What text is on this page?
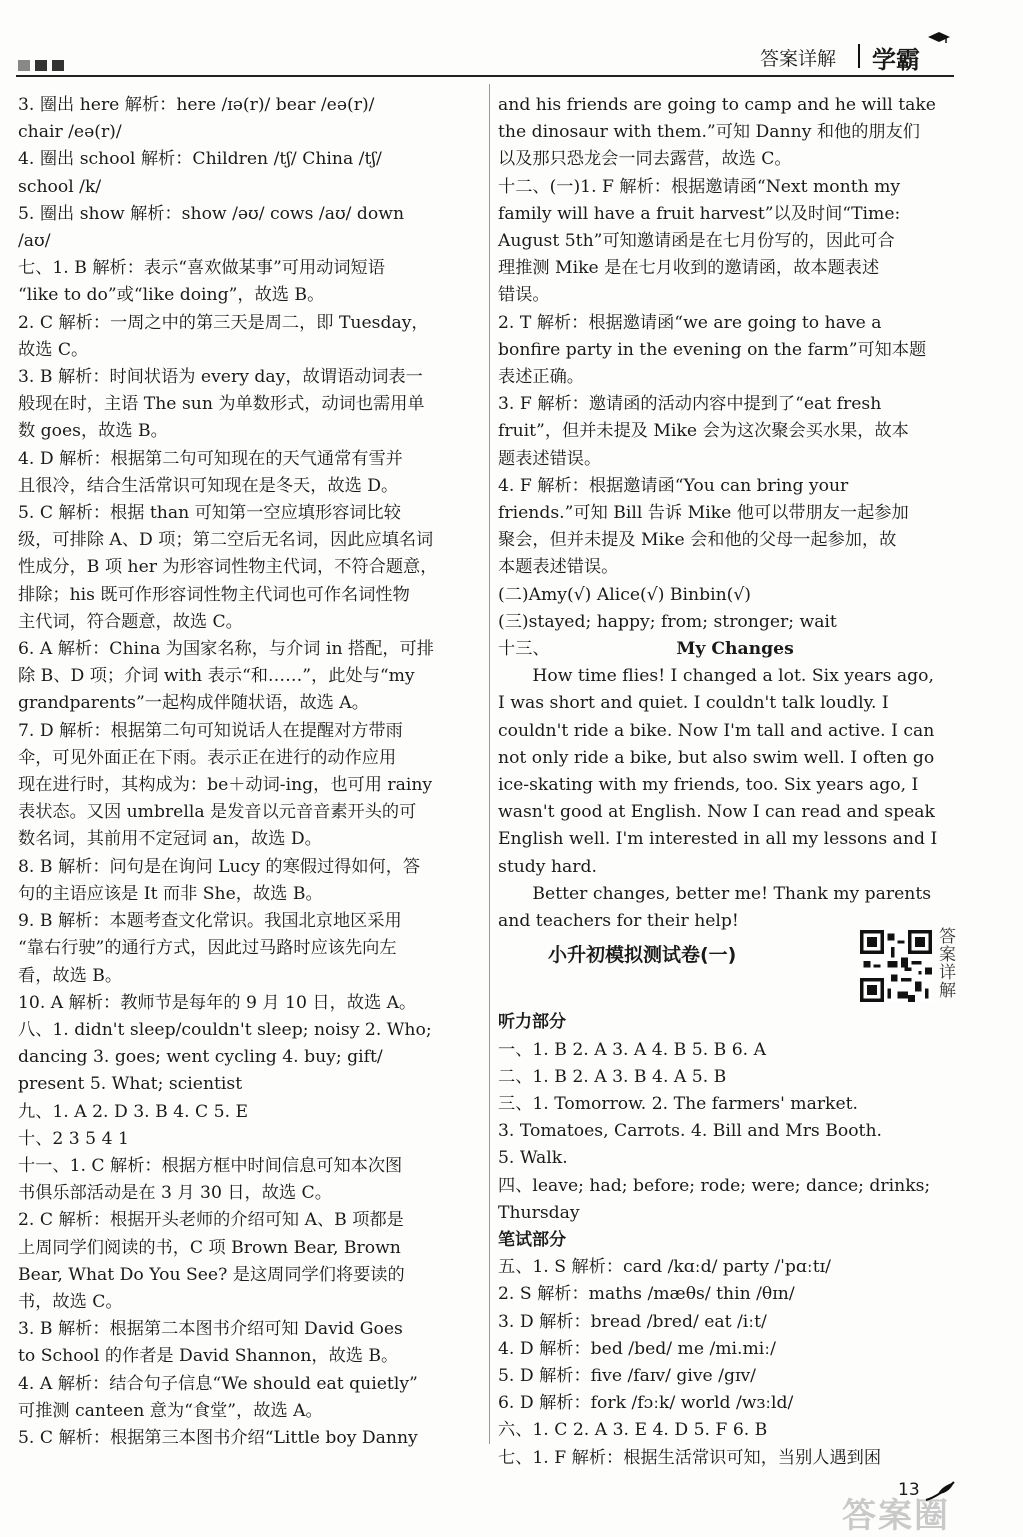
答案详解 学霸

3. 圈出 here 解析：here /ɪə(r)/ bear /eə(r)/

chair /eə(r)/

4. 圈出 school 解析：Children /tʃ/ China /tʃ/

school /k/

5. 圈出 show 解析：show /əʊ/ cows /aʊ/ down

/aʊ/

七、1. B 解析：表示“喜欢做某事”可用动词短语

“like to do”或“like doing”，故选 B。

2. C 解析：一周之中的第三天是周二，即 Tuesday，

故选 C。

3. B 解析：时间状语为 every day，故谓语动词表一

般现在时，主语 The sun 为单数形式，动词也需用单

数 goes，故选 B。

4. D 解析：根据第二句可知现在的天气通常有雪并

且很冷，结合生活常识可知现在是冬天，故选 D。

5. C 解析：根据 than 可知第一空应填形容词比较

级，可排除 A、D 项；第二空后无名词，因此应填名词

性成分，B 项 her 为形容词性物主代词，不符合题意，

排除；his 既可作形容词性物主代词也可作名词性物

主代词，符合题意，故选 C。

6. A 解析：China 为国家名称，与介词 in 搭配，可排

除 B、D 项；介词 with 表示“和……”，此处与“my

grandparents”一起构成伴随状语，故选 A。

7. D 解析：根据第二句可知说话人在提醒对方带雨

伞，可见外面正在下雨。表示正在进行的动作应用

现在进行时，其构成为：be＋动词-ing，也可用 rainy

表状态。又因 umbrella 是发音以元音音素开头的可

数名词，其前用不定冠词 an，故选 D。

8. B 解析：问句是在询问 Lucy 的寒假过得如何，答

句的主语应该是 It 而非 She，故选 B。

9. B 解析：本题考查文化常识。我国北京地区采用

“靠右行驶”的通行方式，因此过马路时应该先向左

看，故选 B。

10. A 解析：教师节是每年的 9 月 10 日，故选 A。

八、1. didn't sleep/couldn't sleep; noisy 2. Who;

dancing 3. goes; went cycling 4. buy; gift/

present 5. What; scientist

九、1. A 2. D 3. B 4. C 5. E

十、2 3 5 4 1

十一、1. C 解析：根据方框中时间信息可知本次图

书俱乐部活动是在 3 月 30 日，故选 C。

2. C 解析：根据开头老师的介绍可知 A、B 项都是

上周同学们阅读的书，C 项 Brown Bear, Brown

Bear, What Do You See? 是这周同学们将要读的

书，故选 C。

3. B 解析：根据第二本图书介绍可知 David Goes

to School 的作者是 David Shannon，故选 B。

4. A 解析：结合句子信息“We should eat quietly”

可推测 canteen 意为“食堂”，故选 A。

5. C 解析：根据第三本图书介绍“Little boy Danny

and his friends are going to camp and he will take

the dinosaur with them.”可知 Danny 和他的朋友们

以及那只恐龙会一同去露营，故选 C。

十二、(一)1. F 解析：根据邀请函“Next month my

family will have a fruit harvest”以及时间“Time:

August 5th”可知邀请函是在七月份写的，因此可合

理推测 Mike 是在七月收到的邀请函，故本题表述

错误。

2. T 解析：根据邀请函“we are going to have a

bonfire party in the evening on the farm”可知本题

表述正确。

3. F 解析：邀请函的活动内容中提到了“eat fresh

fruit”，但并未提及 Mike 会为这次聚会买水果，故本

题表述错误。

4. F 解析：根据邀请函“You can bring your

friends.”可知 Bill 告诉 Mike 他可以带朋友一起参加

聚会，但并未提及 Mike 会和他的父母一起参加，故

本题表述错误。

(二)Amy(√) Alice(√) Binbin(√)

(三)stayed; happy; from; stronger; wait

十三、	My Changes

How time flies! I changed a lot. Six years ago,

I was short and quiet. I couldn't talk loudly. I

couldn't ride a bike. Now I'm tall and active. I can

not only ride a bike, but also swim well. I often go

ice-skating with my friends, too. Six years ago, I

wasn't good at English. Now I can read and speak

English well. I'm interested in all my lessons and I

study hard.

Better changes, better me! Thank my parents

and teachers for their help!

听力部分

一、1. B 2. A 3. A 4. B 5. B 6. A

二、1. B 2. A 3. B 4. A 5. B

三、1. Tomorrow. 2. The farmers' market.

3. Tomatoes, Carrots. 4. Bill and Mrs Booth.

5. Walk.

四、leave; had; before; rode; were; dance; drinks;

Thursday

笔试部分

五、1. S 解析：card /kɑːd/ party /ˈpɑːtɪ/

2. S 解析：maths /mæθs/ thin /θɪn/

3. D 解析：bread /bred/ eat /iːt/

4. D 解析：bed /bed/ me /mi.miː/

5. D 解析：five /faɪv/ give /gɪv/

6. D 解析：fork /fɔːk/ world /wɜːld/

六、1. C 2. A 3. E 4. D 5. F 6. B

七、1. F 解析：根据生活常识可知，当别人遇到困

小升初模拟测试卷(一)
答案详解
答案圈
13
